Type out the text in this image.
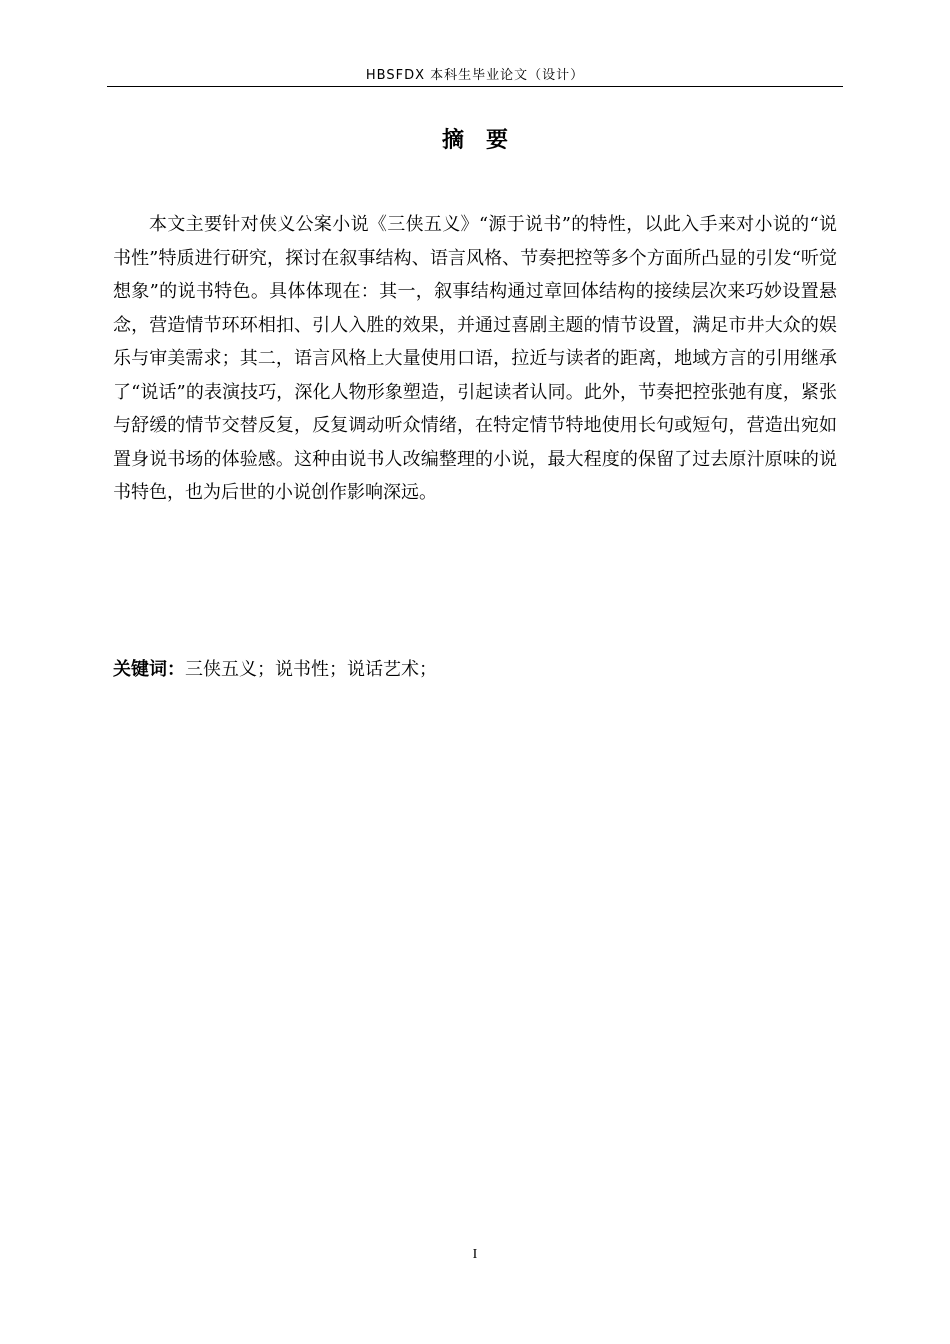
HBSFDX 本科生毕业论文（设计）
摘 要

本文主要针对侠义公案小说《三侠五义》“源于说书”的特性，以此入手来对小说的“说书性”特质进行研究，探讨在叙事结构、语言风格、节奏把控等多个方面所凸显的引发“听觉想象”的说书特色。具体体现在：其一，叙事结构通过章回体结构的接续层次来巧妙设置悬念，营造情节环环相扣、引人入胜的效果，并通过喜剧主题的情节设置，满足市井大众的娱乐与审美需求；其二，语言风格上大量使用口语，拉近与读者的距离，地域方言的引用继承了“说话”的表演技巧，深化人物形象塑造，引起读者认同。此外，节奏把控张弛有度，紧张与舒缓的情节交替反复，反复调动听众情绪，在特定情节特地使用长句或短句，营造出宛如置身说书场的体验感。这种由说书人改编整理的小说，最大程度的保留了过去原汁原味的说书特色，也为后世的小说创作影响深远。

关键词：三侠五义；说书性；说话艺术；

I
